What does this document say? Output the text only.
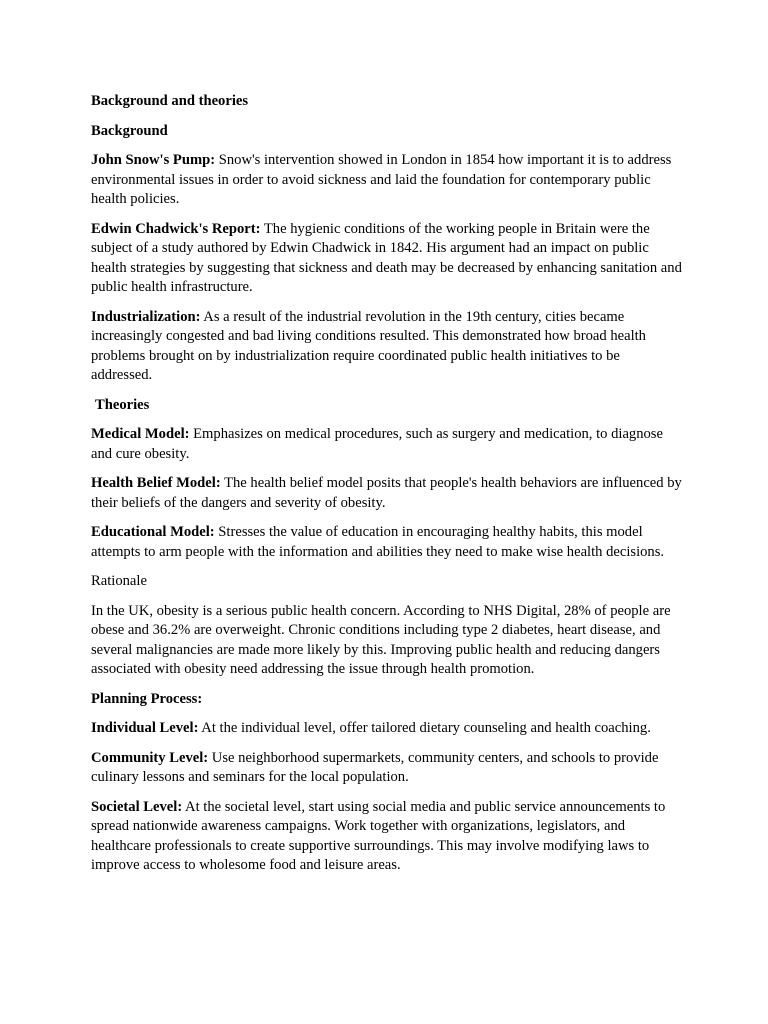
Background and theories

Background

John Snow's Pump: Snow's intervention showed in London in 1854 how important it is to address environmental issues in order to avoid sickness and laid the foundation for contemporary public health policies.

Edwin Chadwick's Report: The hygienic conditions of the working people in Britain were the subject of a study authored by Edwin Chadwick in 1842. His argument had an impact on public health strategies by suggesting that sickness and death may be decreased by enhancing sanitation and public health infrastructure.

Industrialization: As a result of the industrial revolution in the 19th century, cities became increasingly congested and bad living conditions resulted. This demonstrated how broad health problems brought on by industrialization require coordinated public health initiatives to be addressed.

Theories

Medical Model: Emphasizes on medical procedures, such as surgery and medication, to diagnose and cure obesity.

Health Belief Model: The health belief model posits that people's health behaviors are influenced by their beliefs of the dangers and severity of obesity.

Educational Model: Stresses the value of education in encouraging healthy habits, this model attempts to arm people with the information and abilities they need to make wise health decisions.

Rationale

In the UK, obesity is a serious public health concern. According to NHS Digital, 28% of people are obese and 36.2% are overweight. Chronic conditions including type 2 diabetes, heart disease, and several malignancies are made more likely by this. Improving public health and reducing dangers associated with obesity need addressing the issue through health promotion.

Planning Process:

Individual Level: At the individual level, offer tailored dietary counseling and health coaching.

Community Level: Use neighborhood supermarkets, community centers, and schools to provide culinary lessons and seminars for the local population.

Societal Level: At the societal level, start using social media and public service announcements to spread nationwide awareness campaigns. Work together with organizations, legislators, and healthcare professionals to create supportive surroundings. This may involve modifying laws to improve access to wholesome food and leisure areas.
